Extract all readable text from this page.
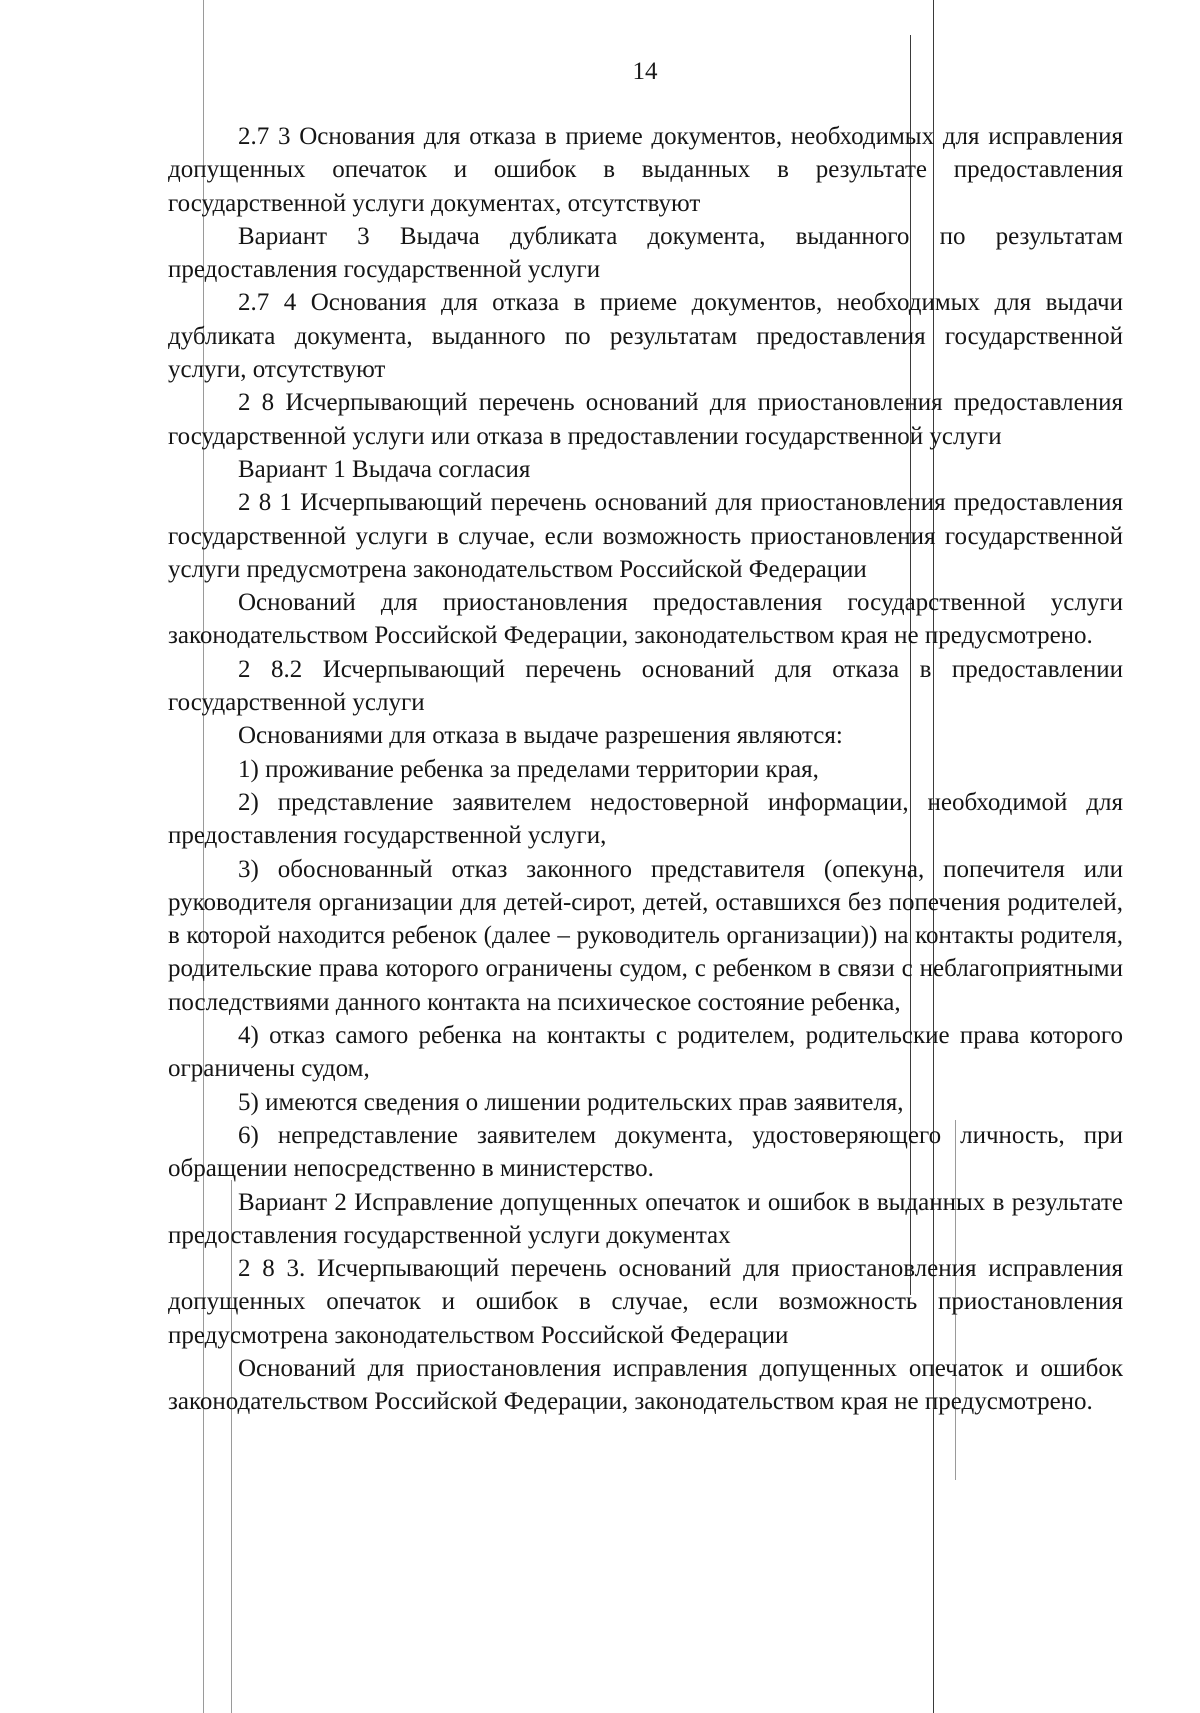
14

2.7 3 Основания для отказа в приеме документов, необходимых для исправления допущенных опечаток и ошибок в выданных в результате предоставления государственной услуги документах, отсутствуют

Вариант 3 Выдача дубликата документа, выданного по результатам предоставления государственной услуги

2.7 4 Основания для отказа в приеме документов, необходимых для выдачи дубликата документа, выданного по результатам предоставления государственной услуги, отсутствуют

2 8 Исчерпывающий перечень оснований для приостановления предоставления государственной услуги или отказа в предоставлении государственной услуги

Вариант 1 Выдача согласия

2 8 1 Исчерпывающий перечень оснований для приостановления предоставления государственной услуги в случае, если возможность приостановления государственной услуги предусмотрена законодательством Российской Федерации

Оснований для приостановления предоставления государственной услуги законодательством Российской Федерации, законодательством края не предусмотрено.

2 8.2 Исчерпывающий перечень оснований для отказа в предоставлении государственной услуги

Основаниями для отказа в выдаче разрешения являются:

1) проживание ребенка за пределами территории края,

2) представление заявителем недостоверной информации, необходимой для предоставления государственной услуги,

3) обоснованный отказ законного представителя (опекуна, попечителя или руководителя организации для детей-сирот, детей, оставшихся без попечения родителей, в которой находится ребенок (далее – руководитель организации)) на контакты родителя, родительские права которого ограничены судом, с ребенком в связи с неблагоприятными последствиями данного контакта на психическое состояние ребенка,

4) отказ самого ребенка на контакты с родителем, родительские права которого ограничены судом,

5) имеются сведения о лишении родительских прав заявителя,

6) непредставление заявителем документа, удостоверяющего личность, при обращении непосредственно в министерство.

Вариант 2 Исправление допущенных опечаток и ошибок в выданных в результате предоставления государственной услуги документах

2 8 3. Исчерпывающий перечень оснований для приостановления исправления допущенных опечаток и ошибок в случае, если возможность приостановления предусмотрена законодательством Российской Федерации

Оснований для приостановления исправления допущенных опечаток и ошибок законодательством Российской Федерации, законодательством края не предусмотрено.
